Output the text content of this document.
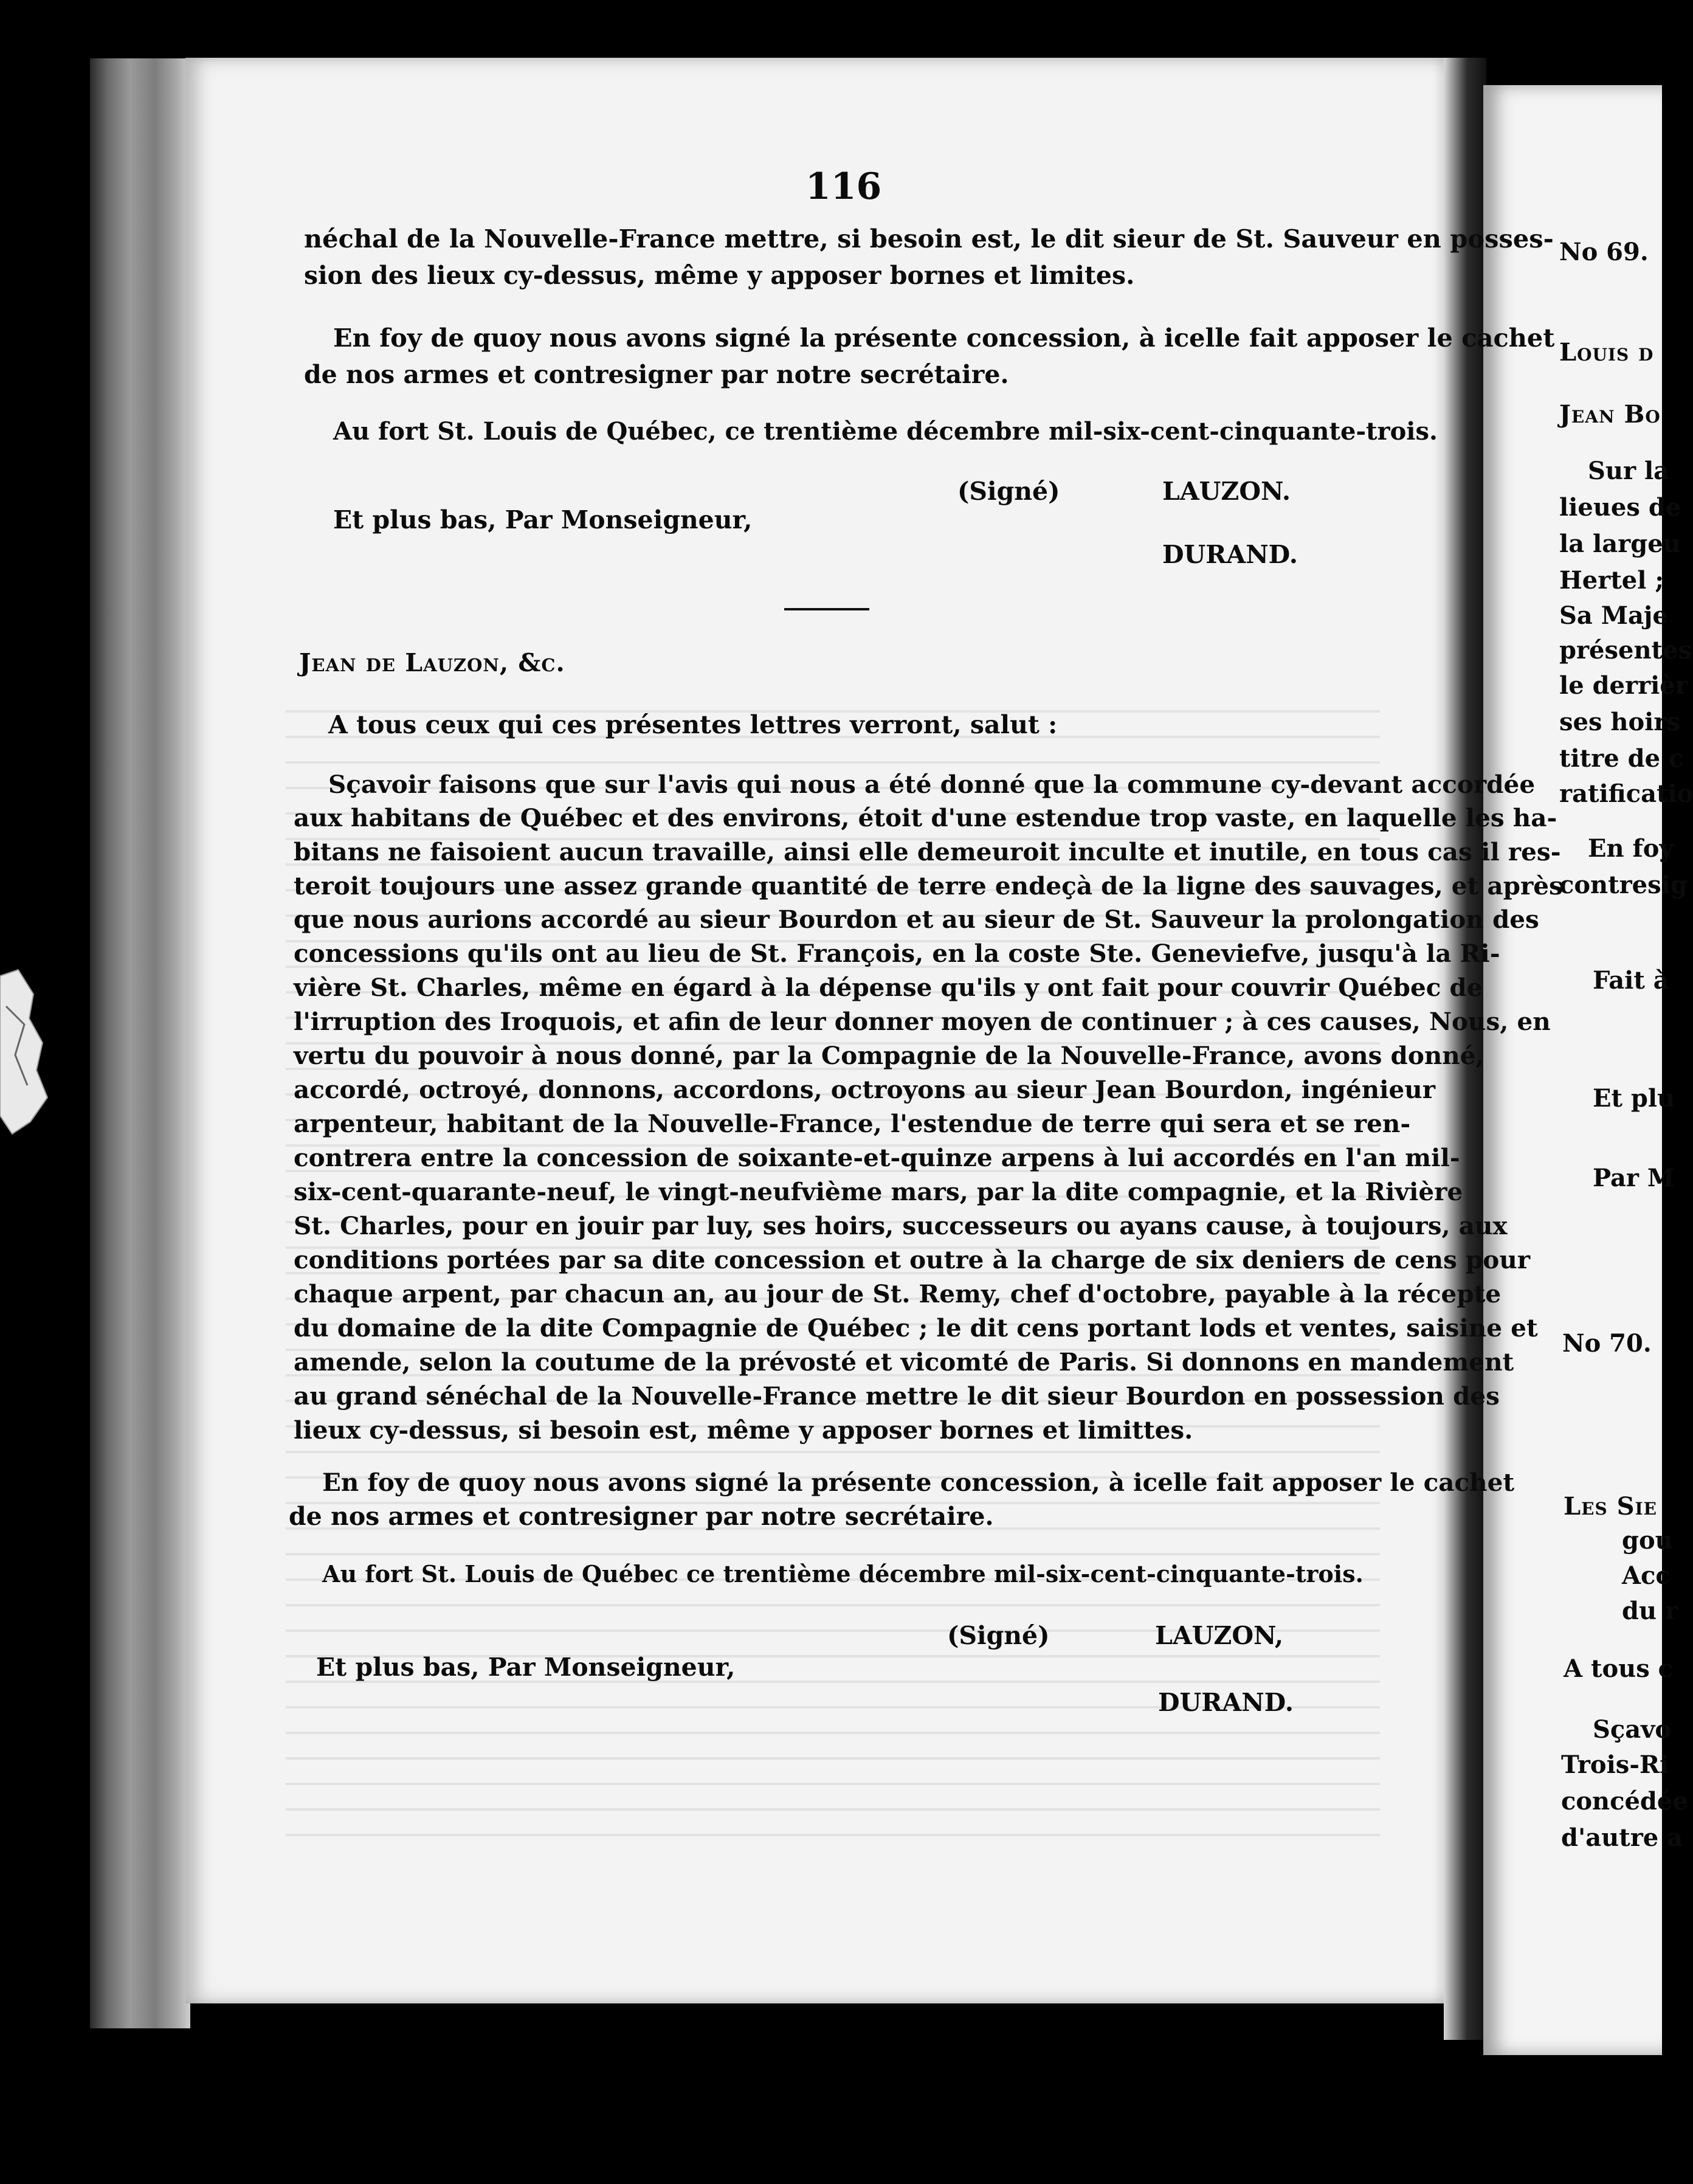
116
néchal de la Nouvelle-France mettre, si besoin est, le dit sieur de St. Sauveur en posses-
sion des lieux cy-dessus, même y apposer bornes et limites.
En foy de quoy nous avons signé la présente concession, à icelle fait apposer le cachet
de nos armes et contresigner par notre secrétaire.
Au fort St. Louis de Québec, ce trentième décembre mil-six-cent-cinquante-trois.
(Signé)	LAUZON.
Et plus bas, Par Monseigneur,
DURAND.
Jean de Lauzon, &c.
A tous ceux qui ces présentes lettres verront, salut :
Sçavoir faisons que sur l'avis qui nous a été donné que la commune cy-devant accordée
aux habitans de Québec et des environs, étoit d'une estendue trop vaste, en laquelle les ha-
bitans ne faisoient aucun travaille, ainsi elle demeuroit inculte et inutile, en tous cas il res-
teroit toujours une assez grande quantité de terre endeçà de la ligne des sauvages, et après
que nous aurions accordé au sieur Bourdon et au sieur de St. Sauveur la prolongation des
concessions qu'ils ont au lieu de St. François, en la coste Ste. Geneviefve, jusqu'à la Ri-
vière St. Charles, même en égard à la dépense qu'ils y ont fait pour couvrir Québec de
l'irruption des Iroquois, et afin de leur donner moyen de continuer ; à ces causes, Nous, en
vertu du pouvoir à nous donné, par la Compagnie de la Nouvelle-France, avons donné,
accordé, octroyé, donnons, accordons, octroyons au sieur Jean Bourdon, ingénieur
arpenteur, habitant de la Nouvelle-France, l'estendue de terre qui sera et se ren-
contrera entre la concession de soixante-et-quinze arpens à lui accordés en l'an mil-
six-cent-quarante-neuf, le vingt-neufvième mars, par la dite compagnie, et la Rivière
St. Charles, pour en jouir par luy, ses hoirs, successeurs ou ayans cause, à toujours, aux
conditions portées par sa dite concession et outre à la charge de six deniers de cens pour
chaque arpent, par chacun an, au jour de St. Remy, chef d'octobre, payable à la récepte
du domaine de la dite Compagnie de Québec ; le dit cens portant lods et ventes, saisine et
amende, selon la coutume de la prévosté et vicomté de Paris. Si donnons en mandement
au grand sénéchal de la Nouvelle-France mettre le dit sieur Bourdon en possession des
lieux cy-dessus, si besoin est, même y apposer bornes et limittes.
En foy de quoy nous avons signé la présente concession, à icelle fait apposer le cachet
de nos armes et contresigner par notre secrétaire.
Au fort St. Louis de Québec ce trentième décembre mil-six-cent-cinquante-trois.
(Signé)	LAUZON,
Et plus bas, Par Monseigneur,
DURAND.
No 69.
Louis d
Jean Bo
Sur la
lieues de
la largeu
Hertel ;
Sa Maje
présentes
le derrièr
ses hoirs
titre de c
ratificatio
En foy
contresig
Fait à
Et plu
Par M
No 70.
Les Sie
gou
Acc
du r
A tous c
Sçavo
Trois-Ri
concédée
d'autre a
